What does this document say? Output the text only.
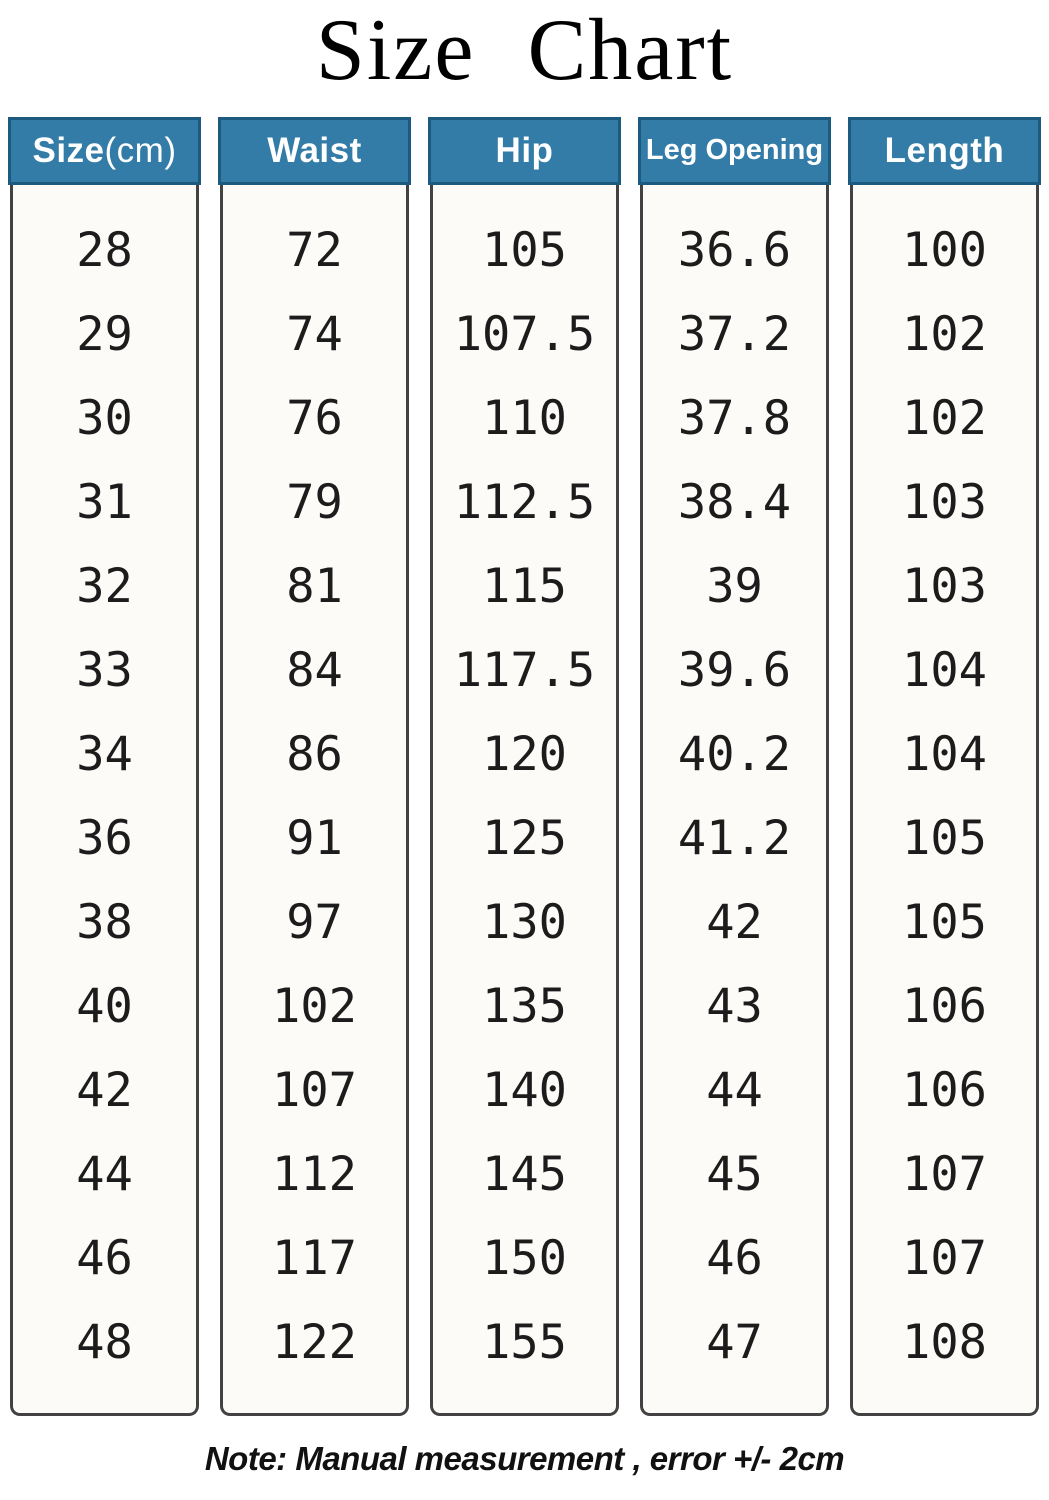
Size Chart
Size (cm)
28
29
30
31
32
33
34
36
38
40
42
44
46
48
Waist
72
74
76
79
81
84
86
91
97
102
107
112
117
122
Hip
105
107.5
110
112.5
115
117.5
120
125
130
135
140
145
150
155
Leg Opening
36.6
37.2
37.8
38.4
39
39.6
40.2
41.2
42
43
44
45
46
47
Length
100
102
102
103
103
104
104
105
105
106
106
107
107
108

Note: Manual measurement , error +/- 2cm
